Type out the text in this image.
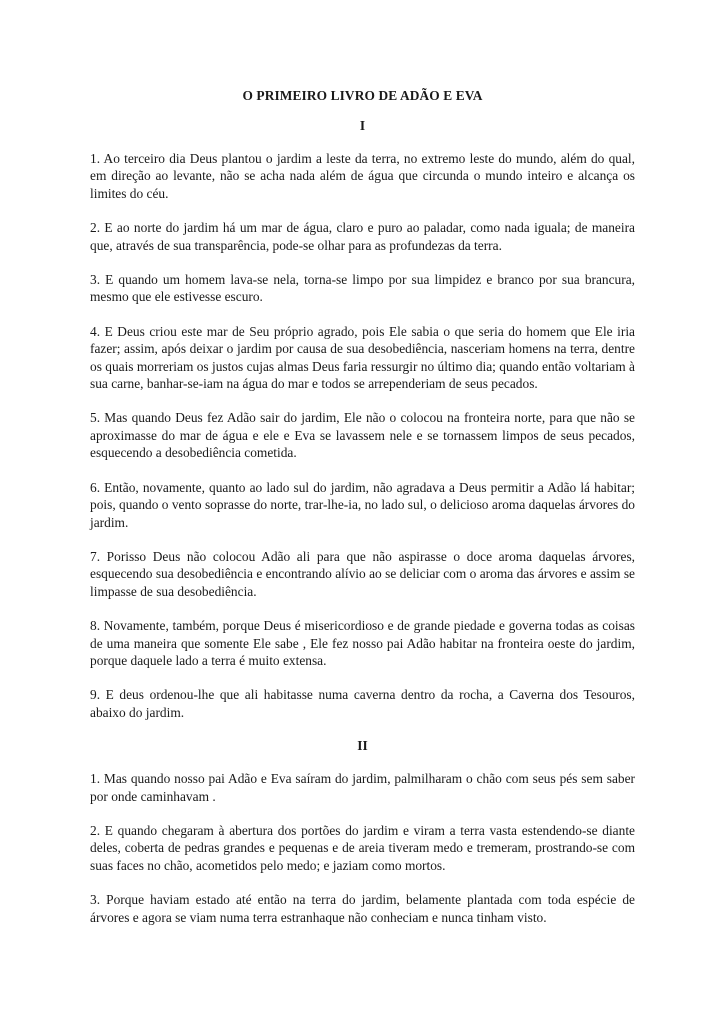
O PRIMEIRO LIVRO DE ADÃO E EVA
I

1. Ao terceiro dia Deus plantou o jardim a leste da terra, no extremo leste do mundo, além do qual, em direção ao levante, não se acha nada além de água que circunda o mundo inteiro e alcança os limites do céu.

2. E ao norte do jardim há um mar de água, claro e puro ao paladar, como nada iguala; de maneira que, através de sua transparência, pode-se olhar para as profundezas da terra.

3. E quando um homem lava-se nela, torna-se limpo por sua limpidez e branco por sua brancura, mesmo que ele estivesse escuro.

4. E Deus criou este mar de Seu próprio agrado, pois Ele sabia o que seria do homem que Ele iria fazer; assim, após deixar o jardim por causa de sua desobediência, nasceriam homens na terra, dentre os quais morreriam os justos cujas almas Deus faria ressurgir no último dia; quando então voltariam à sua carne, banhar-se-iam na água do mar e todos se arrependeriam de seus pecados.

5. Mas quando Deus fez Adão sair do jardim, Ele não o colocou na fronteira norte, para que não se aproximasse do mar de água e ele e Eva se lavassem nele e se tornassem limpos de seus pecados, esquecendo a desobediência cometida.

6. Então, novamente, quanto ao lado sul do jardim, não agradava a Deus permitir a Adão lá habitar; pois, quando o vento soprasse do norte, trar-lhe-ia, no lado sul, o delicioso aroma daquelas árvores do jardim.

7. Porisso Deus não colocou Adão ali para que não aspirasse o doce aroma daquelas árvores, esquecendo sua desobediência e encontrando alívio ao se deliciar com o aroma das árvores e assim se limpasse de sua desobediência.

8. Novamente, também, porque Deus é misericordioso e de grande piedade e governa todas as coisas de uma maneira que somente Ele sabe , Ele fez nosso pai Adão habitar na fronteira oeste do jardim, porque daquele lado a terra é muito extensa.

9. E deus ordenou-lhe que ali habitasse numa caverna dentro da rocha, a Caverna dos Tesouros, abaixo do jardim.

II

1. Mas quando nosso pai Adão e Eva saíram do jardim, palmilharam o chão com seus pés sem saber por onde caminhavam .

2. E quando chegaram à abertura dos portões do jardim e viram a terra vasta estendendo-se diante deles, coberta de pedras grandes e pequenas e de areia tiveram medo e tremeram, prostrando-se com suas faces no chão, acometidos pelo medo; e jaziam como mortos.

3. Porque haviam estado até então na terra do jardim, belamente plantada com toda espécie de árvores e agora se viam numa terra estranhaque não conheciam e nunca tinham visto.
